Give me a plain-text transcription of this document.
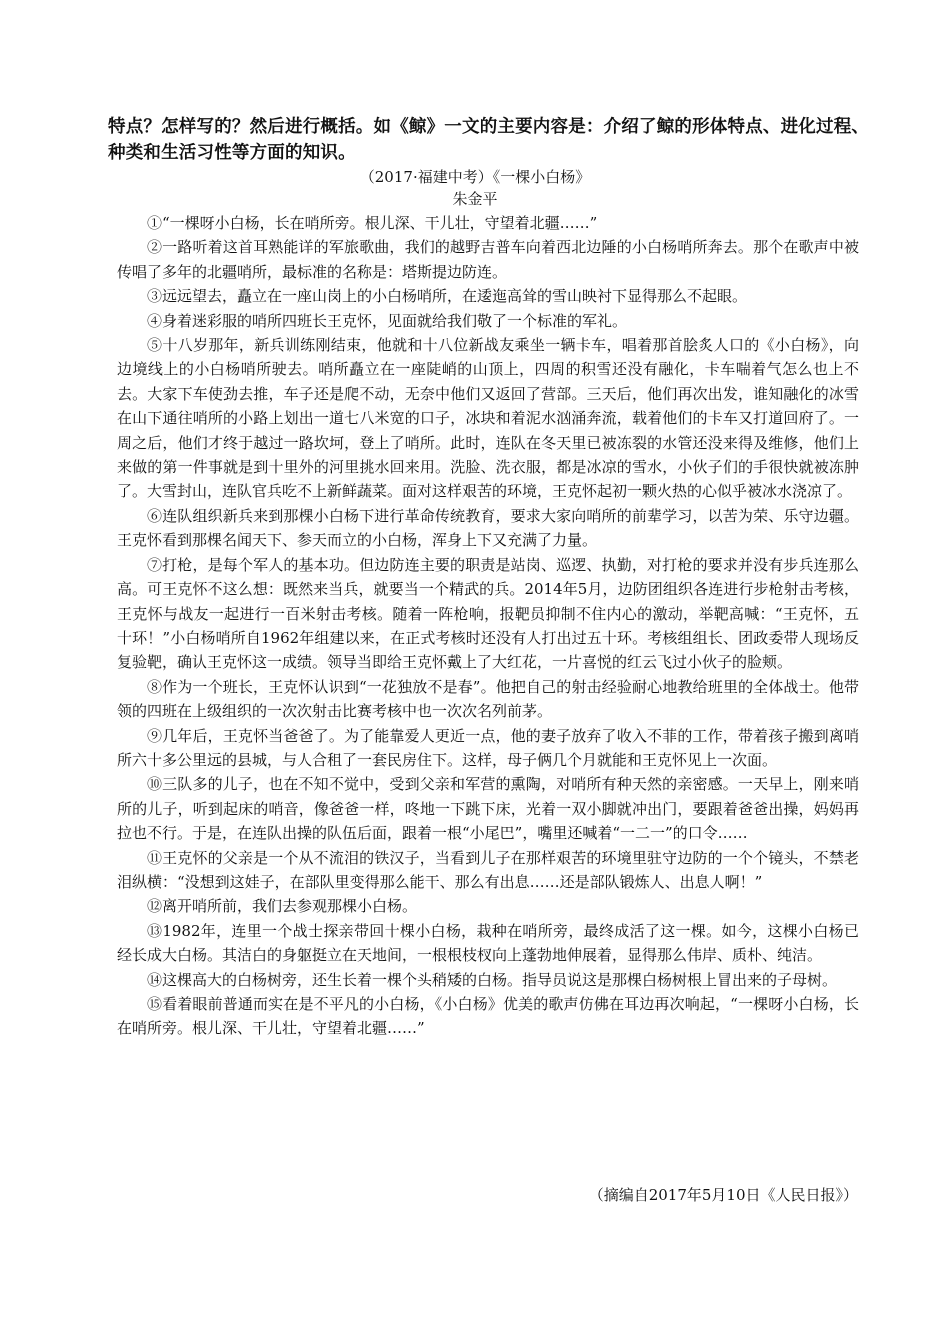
特点？怎样写的？然后进行概括。如《鲸》一文的主要内容是：介绍了鲸的形体特点、进化过程、种类和生活习性等方面的知识。
（2017·福建中考）《一棵小白杨》
朱金平

①“一棵呀小白杨，长在哨所旁。根儿深、干儿壮，守望着北疆……”

②一路听着这首耳熟能详的军旅歌曲，我们的越野吉普车向着西北边陲的小白杨哨所奔去。那个在歌声中被传唱了多年的北疆哨所，最标准的名称是：塔斯提边防连。

③远远望去，矗立在一座山岗上的小白杨哨所，在逶迤高耸的雪山映衬下显得那么不起眼。

④身着迷彩服的哨所四班长王克怀，见面就给我们敬了一个标准的军礼。

⑤十八岁那年，新兵训练刚结束，他就和十八位新战友乘坐一辆卡车，唱着那首脍炙人口的《小白杨》，向边境线上的小白杨哨所驶去。哨所矗立在一座陡峭的山顶上，四周的积雪还没有融化，卡车喘着气怎么也上不去。大家下车使劲去推，车子还是爬不动，无奈中他们又返回了营部。三天后，他们再次出发，谁知融化的冰雪在山下通往哨所的小路上划出一道七八米宽的口子，冰块和着泥水汹涌奔流，载着他们的卡车又打道回府了。一周之后，他们才终于越过一路坎坷，登上了哨所。此时，连队在冬天里已被冻裂的水管还没来得及维修，他们上来做的第一件事就是到十里外的河里挑水回来用。洗脸、洗衣服，都是冰凉的雪水，小伙子们的手很快就被冻肿了。大雪封山，连队官兵吃不上新鲜蔬菜。面对这样艰苦的环境，王克怀起初一颗火热的心似乎被冰水浇凉了。

⑥连队组织新兵来到那棵小白杨下进行革命传统教育，要求大家向哨所的前辈学习，以苦为荣、乐守边疆。王克怀看到那棵名闻天下、参天而立的小白杨，浑身上下又充满了力量。

⑦打枪，是每个军人的基本功。但边防连主要的职责是站岗、巡逻、执勤，对打枪的要求并没有步兵连那么高。可王克怀不这么想：既然来当兵，就要当一个精武的兵。2014年5月，边防团组织各连进行步枪射击考核，王克怀与战友一起进行一百米射击考核。随着一阵枪响，报靶员抑制不住内心的激动，举靶高喊：“王克怀，五十环！”小白杨哨所自1962年组建以来，在正式考核时还没有人打出过五十环。考核组组长、团政委带人现场反复验靶，确认王克怀这一成绩。领导当即给王克怀戴上了大红花，一片喜悦的红云飞过小伙子的脸颊。

⑧作为一个班长，王克怀认识到“一花独放不是春”。他把自己的射击经验耐心地教给班里的全体战士。他带领的四班在上级组织的一次次射击比赛考核中也一次次名列前茅。

⑨几年后，王克怀当爸爸了。为了能靠爱人更近一点，他的妻子放弃了收入不菲的工作，带着孩子搬到离哨所六十多公里远的县城，与人合租了一套民房住下。这样，母子俩几个月就能和王克怀见上一次面。

⑩三队多的儿子，也在不知不觉中，受到父亲和军营的熏陶，对哨所有种天然的亲密感。一天早上，刚来哨所的儿子，听到起床的哨音，像爸爸一样，咚地一下跳下床，光着一双小脚就冲出门，要跟着爸爸出操，妈妈再拉也不行。于是，在连队出操的队伍后面，跟着一根“小尾巴”，嘴里还喊着“一二一”的口令……

⑪王克怀的父亲是一个从不流泪的铁汉子，当看到儿子在那样艰苦的环境里驻守边防的一个个镜头，不禁老泪纵横：“没想到这娃子，在部队里变得那么能干、那么有出息……还是部队锻炼人、出息人啊！”

⑫离开哨所前，我们去参观那棵小白杨。

⑬1982年，连里一个战士探亲带回十棵小白杨，栽种在哨所旁，最终成活了这一棵。如今，这棵小白杨已经长成大白杨。其洁白的身躯挺立在天地间，一根根枝杈向上蓬勃地伸展着，显得那么伟岸、质朴、纯洁。

⑭这棵高大的白杨树旁，还生长着一棵个头稍矮的白杨。指导员说这是那棵白杨树根上冒出来的子母树。

⑮看着眼前普通而实在是不平凡的小白杨，《小白杨》优美的歌声仿佛在耳边再次响起，“一棵呀小白杨，长在哨所旁。根儿深、干儿壮，守望着北疆……”

（摘编自2017年5月10日《人民日报》）
